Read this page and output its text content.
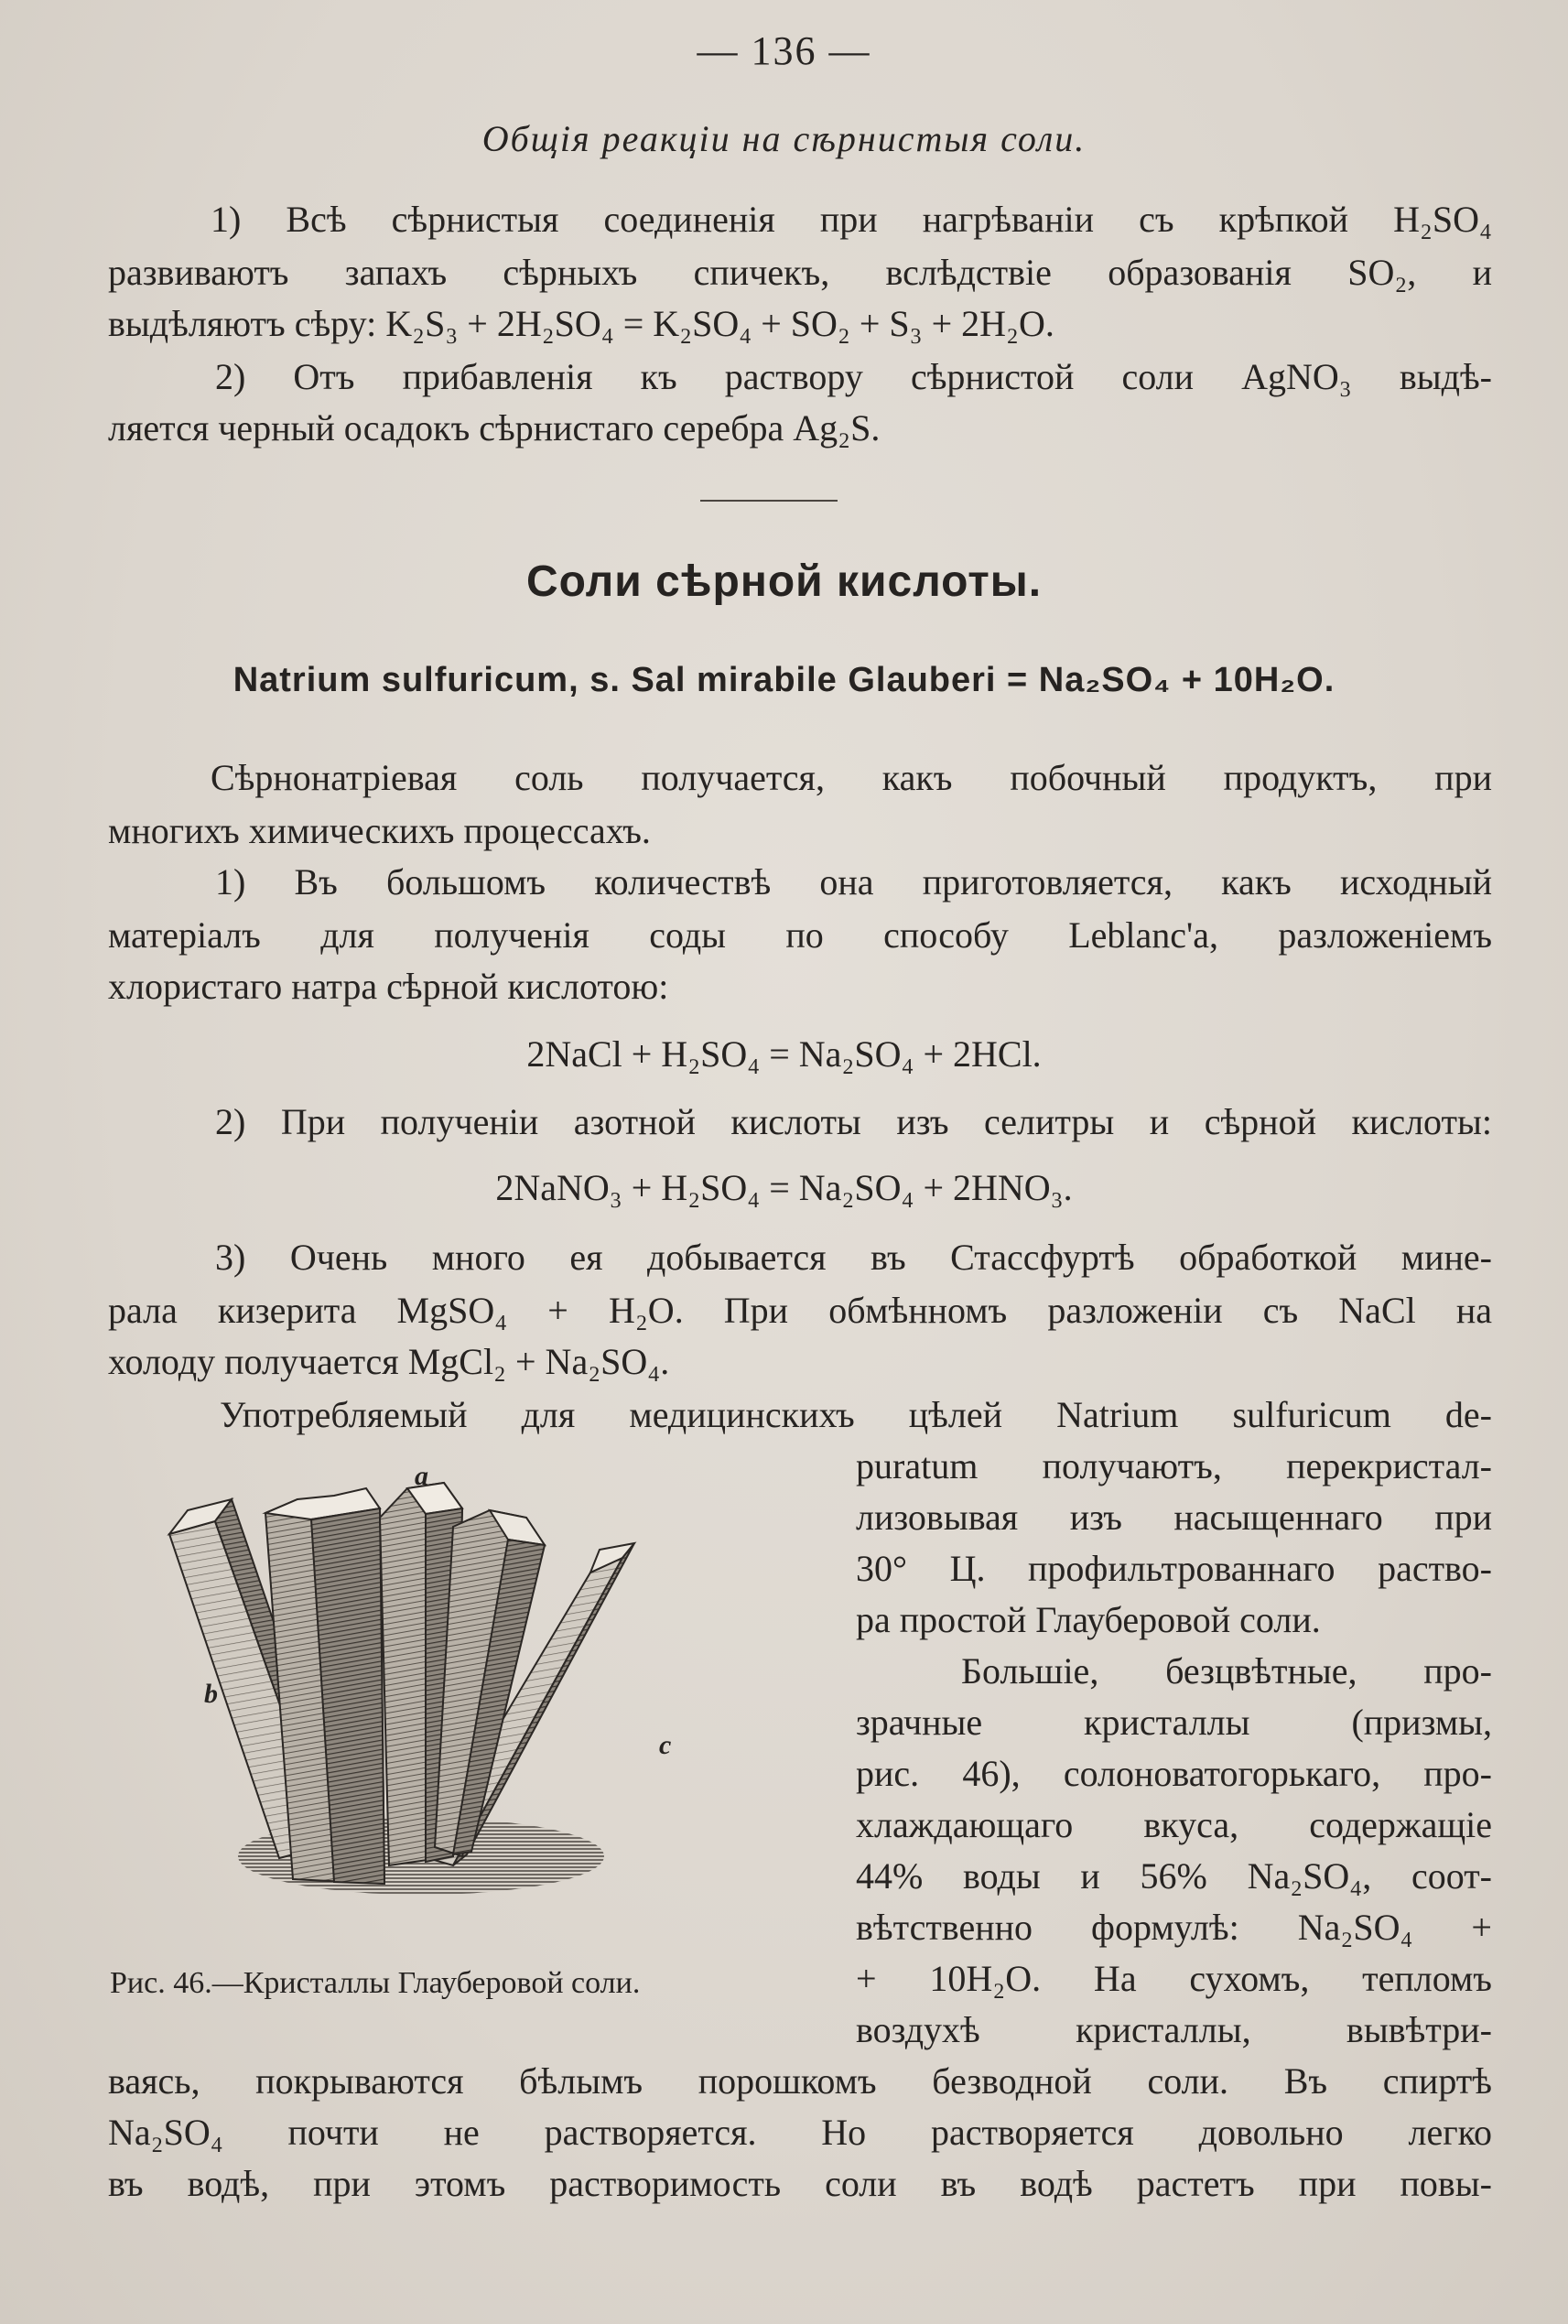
— 136 —
Общія реакціи на сѣрнистыя соли.
1) Всѣ сѣрнистыя соединенія при нагрѣваніи съ крѣпкой H₂SO₄
развиваютъ запахъ сѣрныхъ спичекъ, вслѣдствіе образованія SO₂, и
выдѣляютъ сѣру: K₂S₃ + 2H₂SO₄ = K₂SO₄ + SO₂ + S₃ + 2H₂O.
2) Отъ прибавленія къ раствору сѣрнистой соли AgNO₃ выдѣ-
ляется черный осадокъ сѣрнистаго серебра Ag₂S.
Соли сѣрной кислоты.
Natrium sulfuricum, s. Sal mirabile Glauberi = Na₂SO₄ + 10H₂O.
Сѣрнонатріевая соль получается, какъ побочный продуктъ, при
многихъ химическихъ процессахъ.
1) Въ большомъ количествѣ она приготовляется, какъ исходный
матеріалъ для полученія соды по способу Leblanc'a, разложеніемъ
хлористаго натра сѣрной кислотою:
2NaCl + H₂SO₄ = Na₂SO₄ + 2HCl.
2) При полученіи азотной кислоты изъ селитры и сѣрной кислоты:
2NaNO₃ + H₂SO₄ = Na₂SO₄ + 2HNO₃.
3) Очень много ея добывается въ Стассфуртѣ обработкой мине-
рала кизерита MgSO₄ + H₂O. При обмѣнномъ разложеніи съ NaCl на
холоду получается MgCl₂ + Na₂SO₄.
Употребляемый для медицинскихъ цѣлей Natrium sulfuricum de-
puratum получаютъ, перекристал-
лизовывая изъ насыщеннаго при
30° Ц. профильтрованнаго раство-
ра простой Глауберовой соли.
Большіе, безцвѣтные, про-
зрачные кристаллы (призмы,
рис. 46), солоноватогорькаго, про-
хлаждающаго вкуса, содержащіе
44% воды и 56% Na₂SO₄, соот-
вѣтственно формулѣ: Na₂SO₄ +
+ 10H₂O. На сухомъ, тепломъ
воздухѣ кристаллы, вывѣтри-
ваясь, покрываются бѣлымъ порошкомъ безводной соли. Въ спиртѣ
Na₂SO₄ почти не растворяется. Но растворяется довольно легко
въ водѣ, при этомъ растворимость соли въ водѣ растетъ при повы-
a
b
c
Рис. 46.—Кристаллы Глауберовой соли.
